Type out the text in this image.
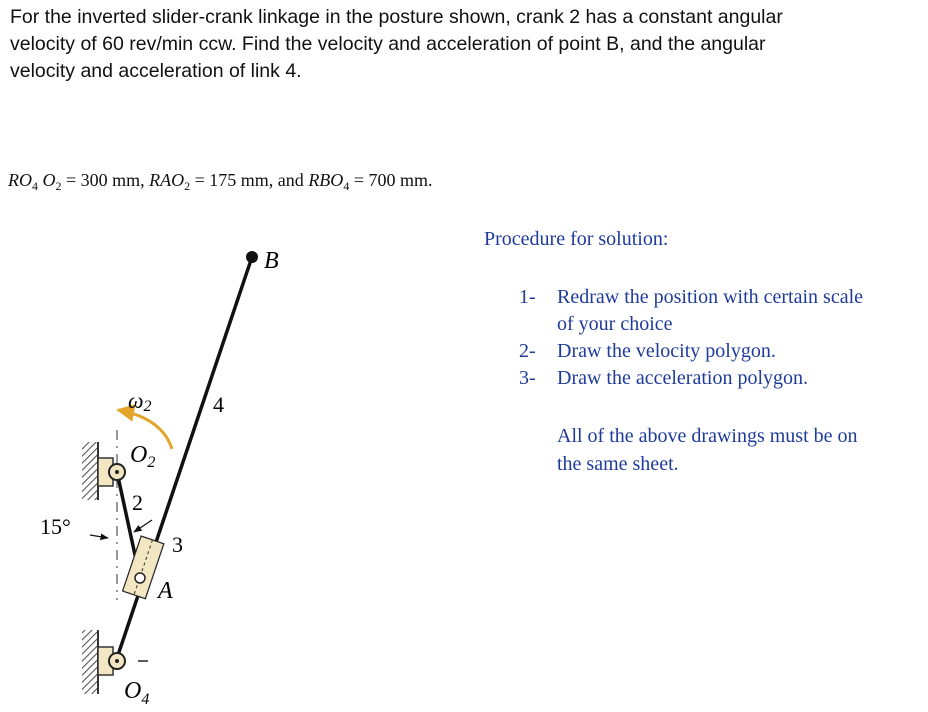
For the inverted slider-crank linkage in the posture shown, crank 2 has a constant angular
velocity of 60 rev/min ccw. Find the velocity and acceleration of point B, and the angular
velocity and acceleration of link 4.
$RO_4$ $O_2 = 300$ mm, $RAO_2 = 175$ mm, and $RBO_4 = 700$ mm.
Procedure for solution:
1- Redraw the position with certain scale
of your choice
2- Draw the velocity polygon.
3- Draw the acceleration polygon.
All of the above drawings must be on
the same sheet.
B
4
ω2
$O_2$
2
3
A
15°
$O_4$
